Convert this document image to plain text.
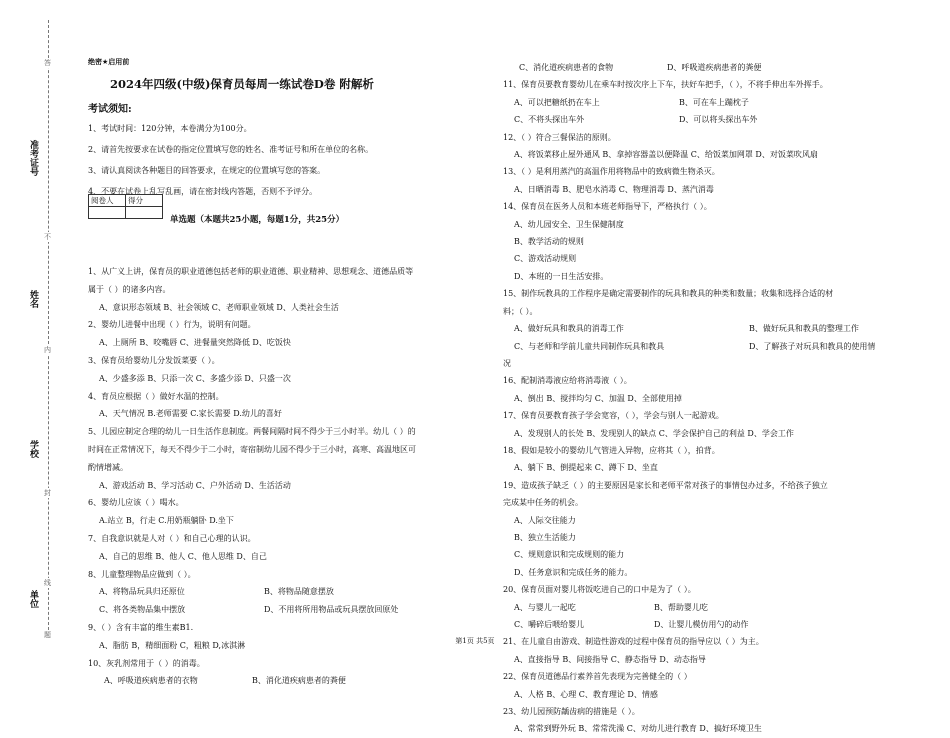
答
不
内
封
线
题
准考证号
姓名
学校
单位
绝密★启用前
2024年四级(中级)保育员每周一练试卷D卷 附解析
考试须知:

1、考试时间：120分钟，本卷满分为100分。

2、请首先按要求在试卷的指定位置填写您的姓名、准考证号和所在单位的名称。

3、请认真阅读各种题目的回答要求，在规定的位置填写您的答案。

4、不要在试卷上乱写乱画，请在密封线内答题，否则不予评分。

阅卷人	得分

单选题（本题共25小题，每题1分，共25分）

1、从广义上讲，保育员的职业道德包括老师的职业道德、职业精神、思想观念、道德品质等

属于（ ）的诸多内容。

A、意识形态领域 B、社会领域 C、老师职业领域 D、人类社会生活

2、婴幼儿进餐中出现（ ）行为，说明有问题。

A、上厕所 B、咬嘴唇 C、进餐量突然降低 D、吃饭快

3、保育员给婴幼儿分发饭菜要（ ）。

A、少盛多添 B、只添一次 C、多盛少添 D、只盛一次

4、育员应根据（ ）做好水温的控制。

A、天气情况 B.老师需要 C.家长需要 D.幼儿的喜好

5、儿园应制定合理的幼儿一日生活作息制度。两餐间隔时间不得少于三小时半。幼儿（ ）的

时间在正常情况下，每天不得少于二小时，寄宿制幼儿园不得少于三小时，高寒、高温地区可

酌情增减。

A、游戏活动 B、学习活动 C、户外活动 D、生活活动

6、婴幼儿应该（ ）喝水。

A.站立 B，行走 C.用奶瓶躺卧 D.坐下

7、自我意识就是人对（ ）和自己心理的认识。

A、自己的思维 B、他人 C、他人思维 D、自己

8、儿童整理物品应做到（ ）。

A、将物品玩具归还原位	B、将物品随意摆放

C、将各类物品集中摆放	D、不用将所用物品或玩具摆放回原处

9、（ ）含有丰富的维生素B1.

A、脂肪 B，精细面粉 C，粗粮 D,冰淇淋

10、灰乳剂常用于（ ）的消毒。

A、呼吸道疾病患者的衣物	B、消化道疾病患者的粪便

C、消化道疾病患者的食物	D、呼吸道疾病患者的粪便

11、保育员要教育婴幼儿在乘车时按次序上下车，扶好车把手，（ ），不将手伸出车外挥手。

A、可以把糖纸扔在车上	B、可在车上蹦枕子

C、不将头探出车外	D、可以将头探出车外

12、（ ）符合三餐保洁的原则。

A、将饭菜移止屋外通风 B、拿掉容器盖以便降温 C、给饭菜加网罩 D、对饭菜吹风扇

13、（ ）是利用蒸汽的高温作用将物品中的致病微生物杀灭。

A、日晒消毒 B、肥皂水消毒 C、物理消毒 D、蒸汽消毒

14、保育员在医务人员和本班老师指导下，严格执行（ ）。

A、幼儿园安全、卫生保健制度

B、教学活动的规则

C、游戏活动规则

D、本班的一日生活安排。

15、制作玩教具的工作程序是确定需要制作的玩具和教具的种类和数量；收集和选择合适的材

料；（ ）。

A、做好玩具和教具的消毒工作	B、做好玩具和教具的整理工作

C、与老师和学前儿童共同制作玩具和教具	D、了解孩子对玩具和教具的使用情

况

16、配制消毒液应给将消毒液（ ）。

A、倒出 B、搅拌均匀 C、加温 D、全部使用掉

17、保育员要教育孩子学会宽容，（ ），学会与别人一起游戏。

A、发现别人的长处 B、发现别人的缺点 C、学会保护自己的利益 D、学会工作

18、假如是较小的婴幼儿气管进入异物，应将其（ ），拍背。

A、躺下 B、倒提起来 C、蹲下 D、坐直

19、造成孩子缺乏（ ）的主要原因是家长和老师平常对孩子的事情包办过多，不给孩子独立

完成某中任务的机会。

A、人际交往能力

B、独立生活能力

C、规则意识和完成规则的能力

D、任务意识和完成任务的能力。

20、保育员面对婴儿将饭吃进自己的口中是为了（ ）。

A、与婴儿一起吃	B、帮助婴儿吃

C、嚼碎后喂给婴儿	D、让婴儿模仿用勺的动作

21、在儿童自由游戏、制造性游戏的过程中保育员的指导应以（ ）为主。

A、直接指导 B、间接指导 C、静态指导 D、动态指导

22、保育员道德品行素养首先表现为完善健全的（ ）

A、人格 B、心理 C、教育理论 D、情感

23、幼儿园预防龋齿病的措施是（ ）。

A、常常到野外玩 B、常常洗澡 C、对幼儿进行教育 D、搞好环境卫生

第1页 共5页
